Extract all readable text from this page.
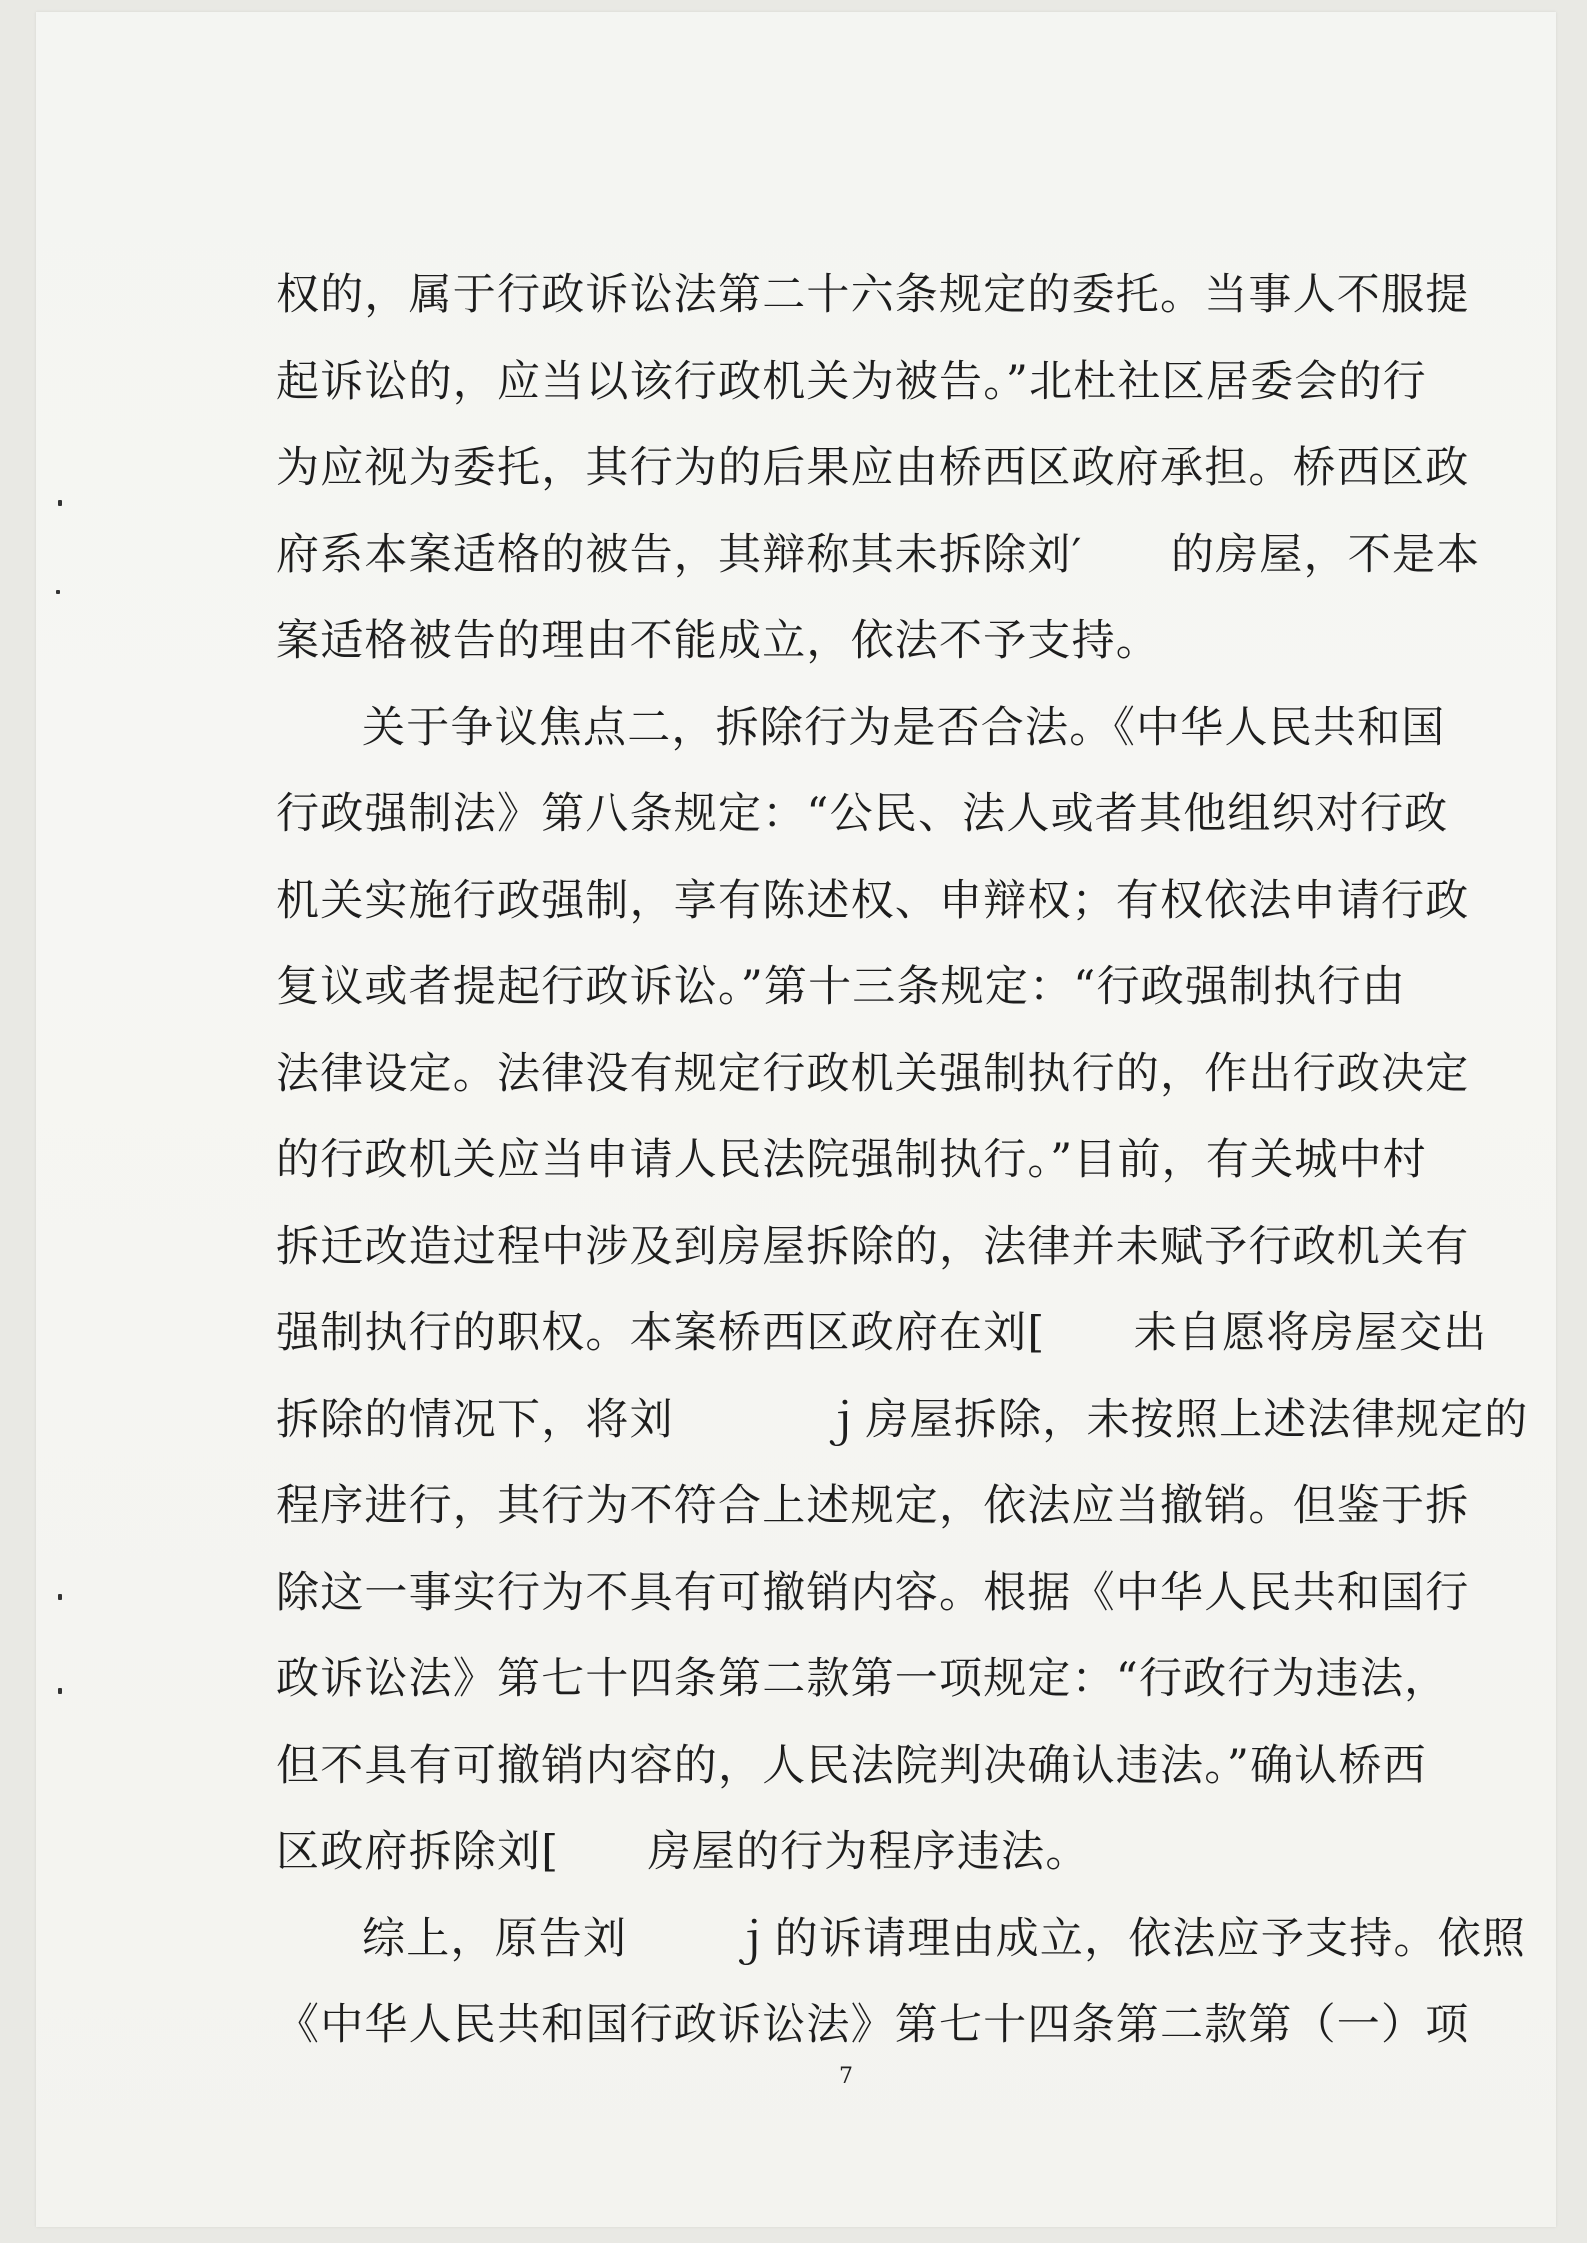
权的，属于行政诉讼法第二十六条规定的委托。当事人不服提
起诉讼的，应当以该行政机关为被告。”北杜社区居委会的行
为应视为委托，其行为的后果应由桥西区政府承担。桥西区政
府系本案适格的被告，其辩称其未拆除刘′　　的房屋，不是本
案适格被告的理由不能成立，依法不予支持。
关于争议焦点二，拆除行为是否合法。《中华人民共和国
行政强制法》第八条规定：“公民、法人或者其他组织对行政
机关实施行政强制，享有陈述权、申辩权；有权依法申请行政
复议或者提起行政诉讼。”第十三条规定：“行政强制执行由
法律设定。法律没有规定行政机关强制执行的，作出行政决定
的行政机关应当申请人民法院强制执行。”目前，有关城中村
拆迁改造过程中涉及到房屋拆除的，法律并未赋予行政机关有
强制执行的职权。本案桥西区政府在刘[　　未自愿将房屋交出
拆除的情况下，将刘　　　 ｊ房屋拆除，未按照上述法律规定的
程序进行，其行为不符合上述规定，依法应当撤销。但鉴于拆
除这一事实行为不具有可撤销内容。根据《中华人民共和国行
政诉讼法》第七十四条第二款第一项规定：“行政行为违法，
但不具有可撤销内容的，人民法院判决确认违法。”确认桥西
区政府拆除刘[　　房屋的行为程序违法。
综上，原告刘　　 ｊ的诉请理由成立，依法应予支持。依照
《中华人民共和国行政诉讼法》第七十四条第二款第（一）项
7
